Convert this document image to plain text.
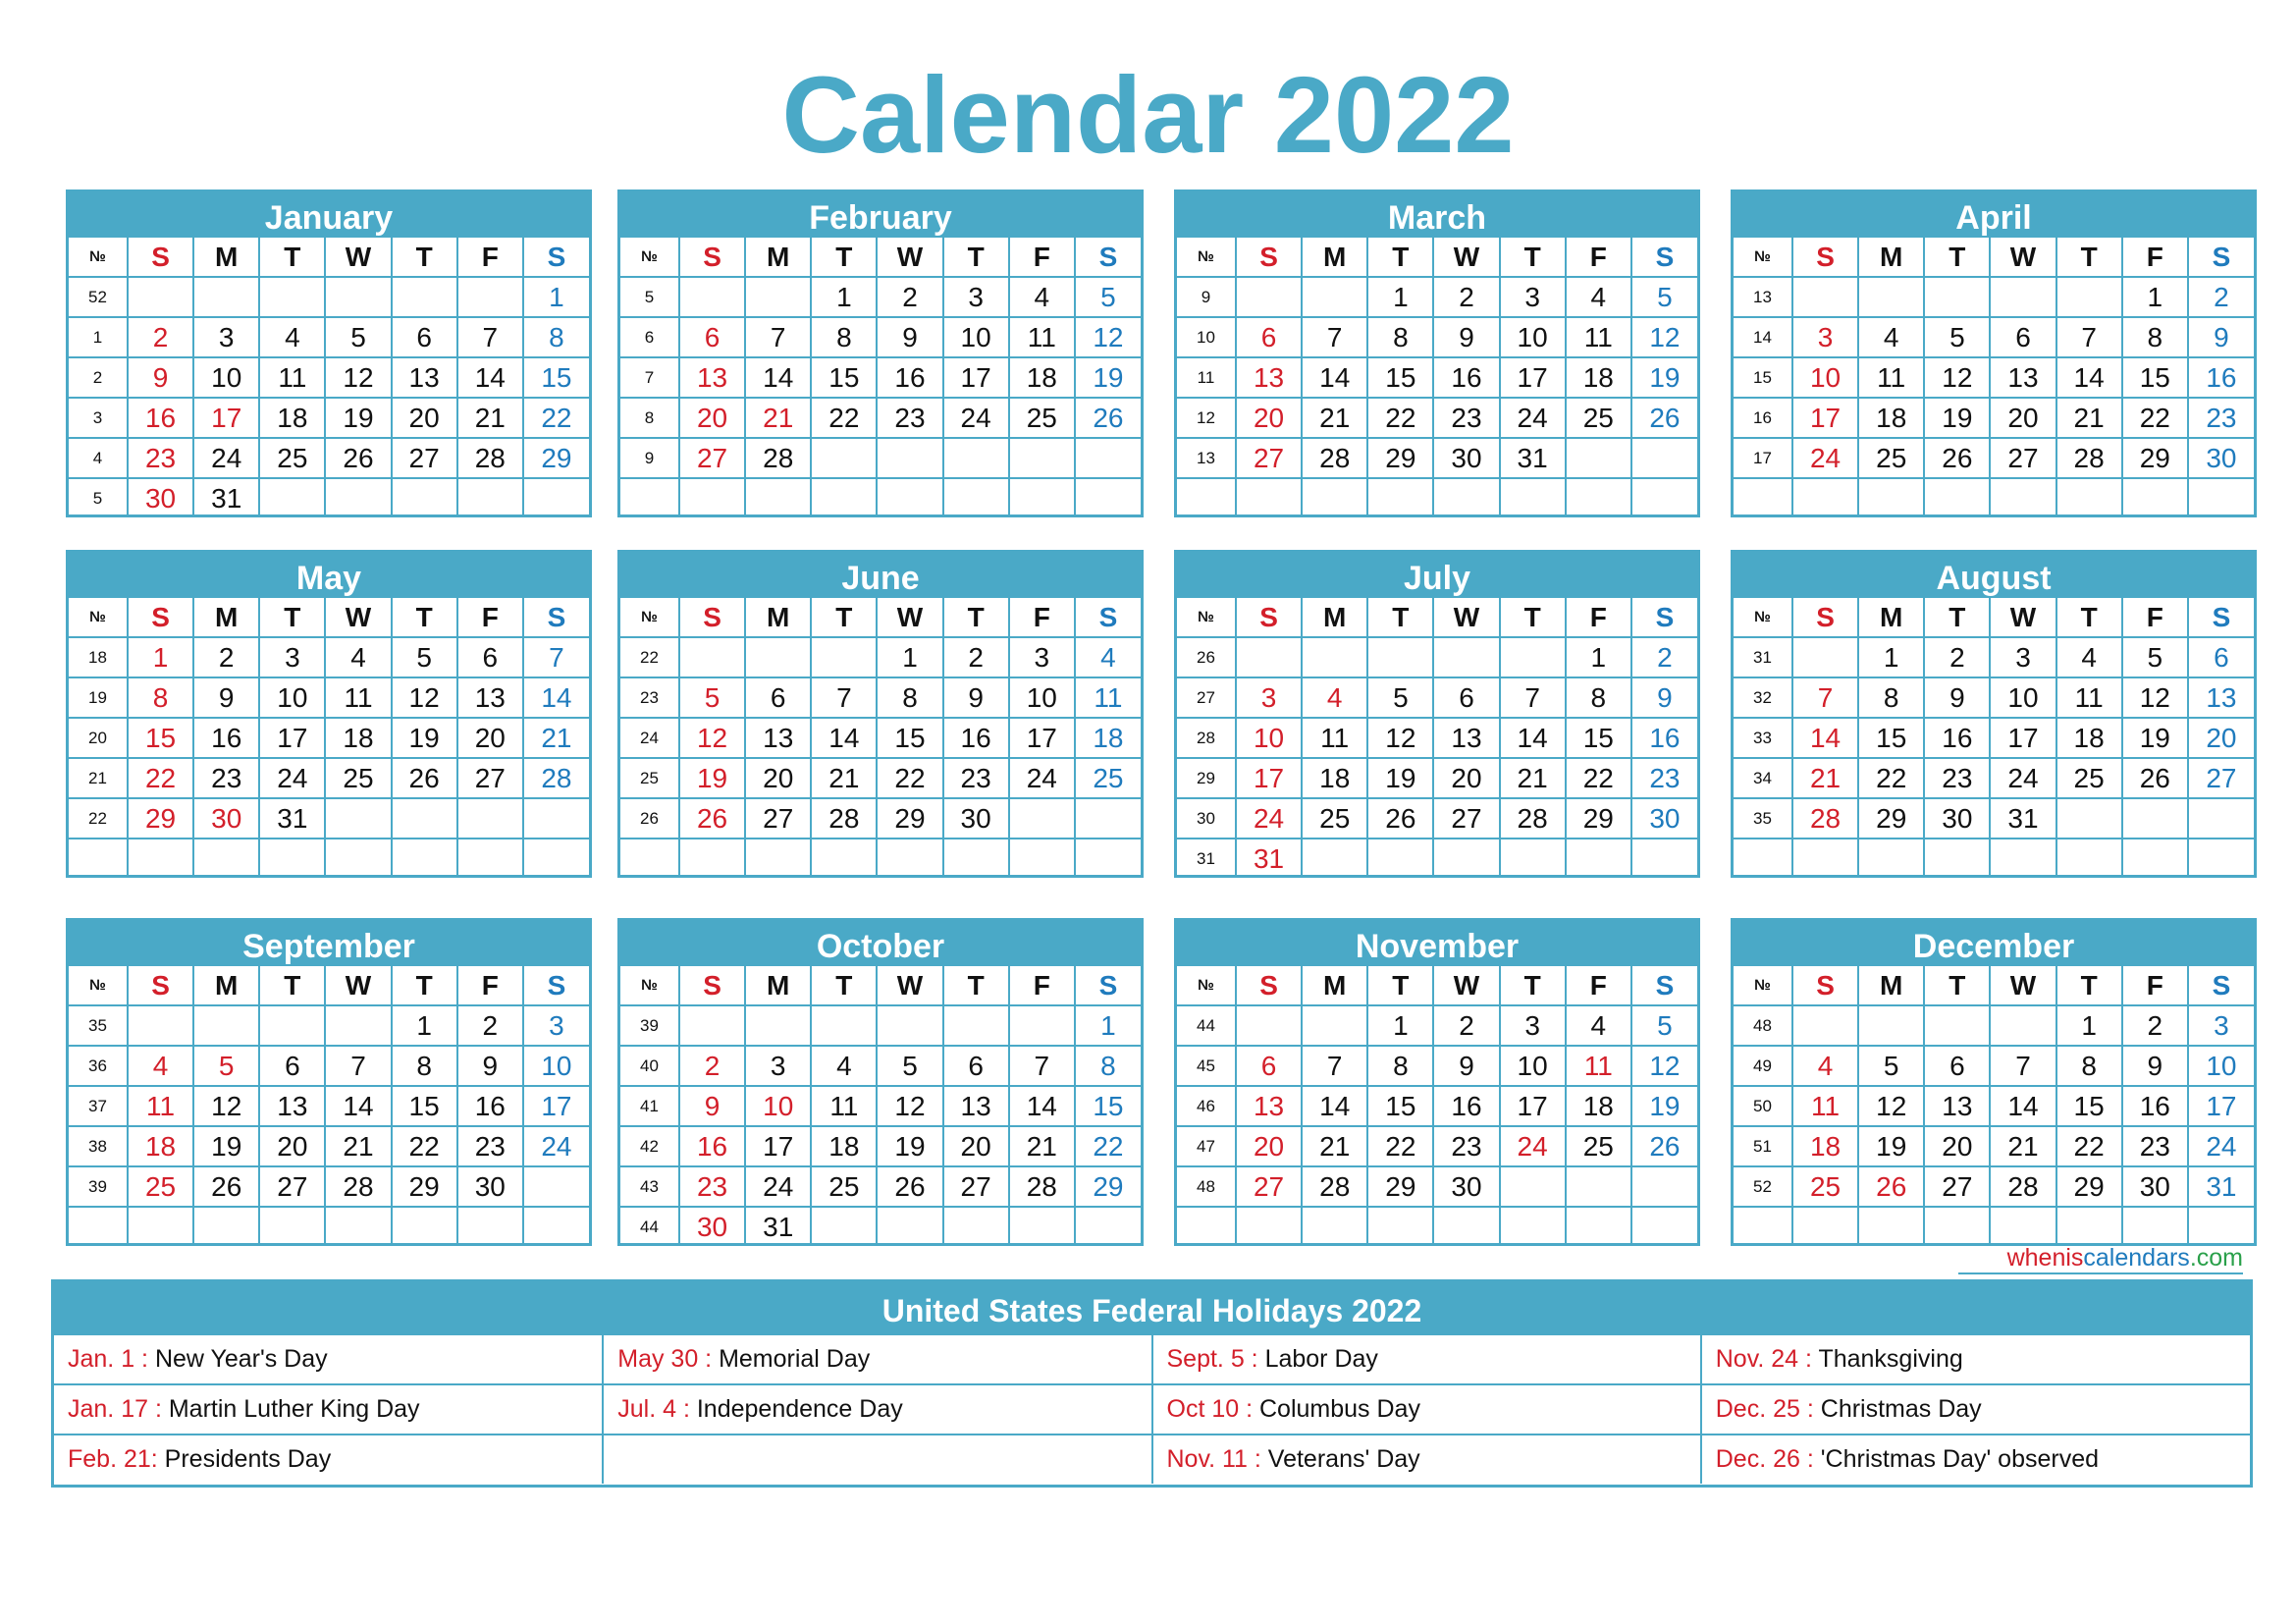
Calendar 2022
January
№	S	M	T	W	T	F	S
52							1
1	2	3	4	5	6	7	8
2	9	10	11	12	13	14	15
3	16	17	18	19	20	21	22
4	23	24	25	26	27	28	29
5	30	31					
February
№	S	M	T	W	T	F	S
5			1	2	3	4	5
6	6	7	8	9	10	11	12
7	13	14	15	16	17	18	19
8	20	21	22	23	24	25	26
9	27	28					

March
№	S	M	T	W	T	F	S
9			1	2	3	4	5
10	6	7	8	9	10	11	12
11	13	14	15	16	17	18	19
12	20	21	22	23	24	25	26
13	27	28	29	30	31		

April
№	S	M	T	W	T	F	S
13						1	2
14	3	4	5	6	7	8	9
15	10	11	12	13	14	15	16
16	17	18	19	20	21	22	23
17	24	25	26	27	28	29	30

May
№	S	M	T	W	T	F	S
18	1	2	3	4	5	6	7
19	8	9	10	11	12	13	14
20	15	16	17	18	19	20	21
21	22	23	24	25	26	27	28
22	29	30	31				

June
№	S	M	T	W	T	F	S
22				1	2	3	4
23	5	6	7	8	9	10	11
24	12	13	14	15	16	17	18
25	19	20	21	22	23	24	25
26	26	27	28	29	30		

July
№	S	M	T	W	T	F	S
26						1	2
27	3	4	5	6	7	8	9
28	10	11	12	13	14	15	16
29	17	18	19	20	21	22	23
30	24	25	26	27	28	29	30
31	31						
August
№	S	M	T	W	T	F	S
31		1	2	3	4	5	6
32	7	8	9	10	11	12	13
33	14	15	16	17	18	19	20
34	21	22	23	24	25	26	27
35	28	29	30	31			

September
№	S	M	T	W	T	F	S
35					1	2	3
36	4	5	6	7	8	9	10
37	11	12	13	14	15	16	17
38	18	19	20	21	22	23	24
39	25	26	27	28	29	30	

October
№	S	M	T	W	T	F	S
39							1
40	2	3	4	5	6	7	8
41	9	10	11	12	13	14	15
42	16	17	18	19	20	21	22
43	23	24	25	26	27	28	29
44	30	31					
November
№	S	M	T	W	T	F	S
44			1	2	3	4	5
45	6	7	8	9	10	11	12
46	13	14	15	16	17	18	19
47	20	21	22	23	24	25	26
48	27	28	29	30			

December
№	S	M	T	W	T	F	S
48					1	2	3
49	4	5	6	7	8	9	10
50	11	12	13	14	15	16	17
51	18	19	20	21	22	23	24
52	25	26	27	28	29	30	31

wheniscalendars.com
United States Federal Holidays 2022
Jan. 1 : New Year's Day	May 30 : Memorial Day	Sept. 5 : Labor Day	Nov. 24 : Thanksgiving
Jan. 17 : Martin Luther King Day	Jul. 4 : Independence Day	Oct 10 : Columbus Day	Dec. 25 : Christmas Day
Feb. 21: Presidents Day		Nov. 11 : Veterans' Day	Dec. 26 : 'Christmas Day' observed
